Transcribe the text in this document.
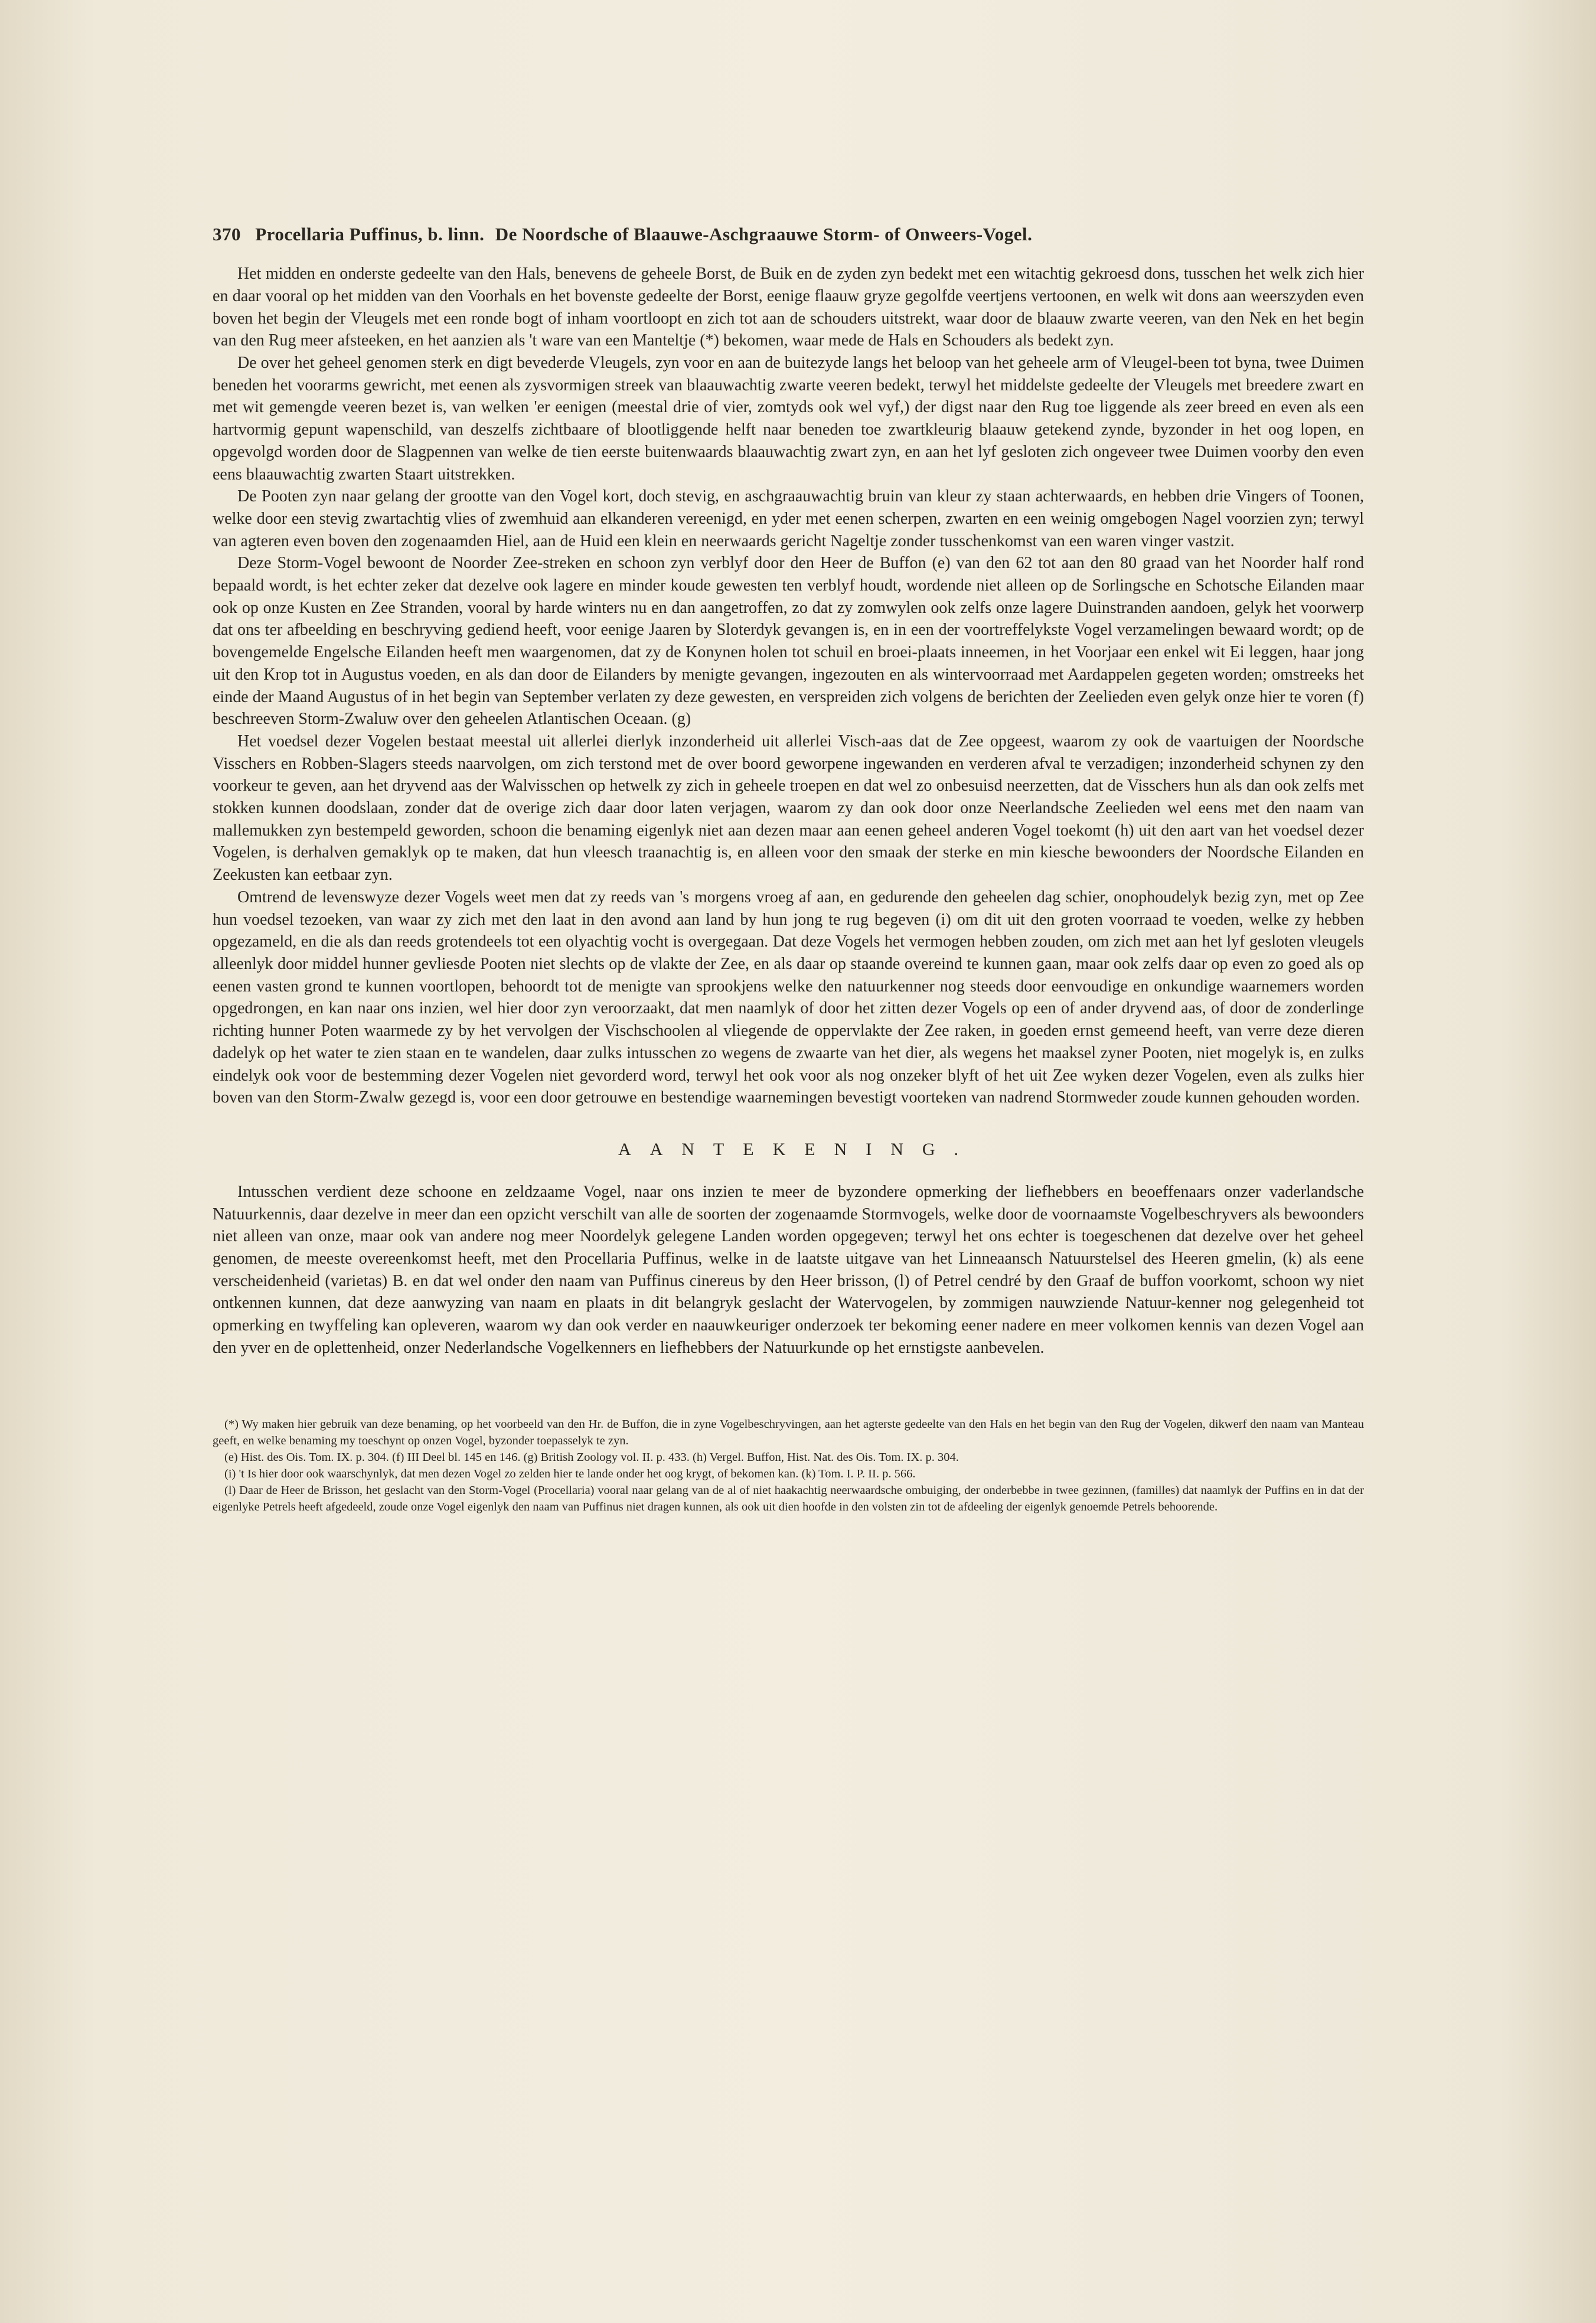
370 Procellaria Puffinus, b. linn. De Noordsche of Blaauwe-Aschgraauwe Storm- of Onweers-Vogel.

Het midden en onderste gedeelte van den Hals, benevens de geheele Borst, de Buik en de zyden zyn bedekt met een witachtig gekroesd dons, tusschen het welk zich hier en daar vooral op het midden van den Voorhals en het bovenste gedeelte der Borst, eenige flaauw gryze gegolfde veertjens vertoonen, en welk wit dons aan weerszyden even boven het begin der Vleugels met een ronde bogt of inham voortloopt en zich tot aan de schouders uitstrekt, waar door de blaauw zwarte veeren, van den Nek en het begin van den Rug meer afsteeken, en het aanzien als 't ware van een Manteltje (*) bekomen, waar mede de Hals en Schouders als bedekt zyn.

De over het geheel genomen sterk en digt bevederde Vleugels, zyn voor en aan de buitezyde langs het beloop van het geheele arm of Vleugel-been tot byna, twee Duimen beneden het voorarms gewricht, met eenen als zysvormigen streek van blaauwachtig zwarte veeren bedekt, terwyl het middelste gedeelte der Vleugels met breedere zwart en met wit gemengde veeren bezet is, van welken 'er eenigen (meestal drie of vier, zomtyds ook wel vyf,) der digst naar den Rug toe liggende als zeer breed en even als een hartvormig gepunt wapenschild, van deszelfs zichtbaare of blootliggende helft naar beneden toe zwartkleurig blaauw getekend zynde, byzonder in het oog lopen, en opgevolgd worden door de Slagpennen van welke de tien eerste buitenwaards blaauwachtig zwart zyn, en aan het lyf gesloten zich ongeveer twee Duimen voorby den even eens blaauwachtig zwarten Staart uitstrekken.

De Pooten zyn naar gelang der grootte van den Vogel kort, doch stevig, en aschgraauwachtig bruin van kleur zy staan achterwaards, en hebben drie Vingers of Toonen, welke door een stevig zwartachtig vlies of zwemhuid aan elkanderen vereenigd, en yder met eenen scherpen, zwarten en een weinig omgebogen Nagel voorzien zyn; terwyl van agteren even boven den zogenaamden Hiel, aan de Huid een klein en neerwaards gericht Nageltje zonder tusschenkomst van een waren vinger vastzit.

Deze Storm-Vogel bewoont de Noorder Zee-streken en schoon zyn verblyf door den Heer de Buffon (e) van den 62 tot aan den 80 graad van het Noorder half rond bepaald wordt, is het echter zeker dat dezelve ook lagere en minder koude gewesten ten verblyf houdt, wordende niet alleen op de Sorlingsche en Schotsche Eilanden maar ook op onze Kusten en Zee Stranden, vooral by harde winters nu en dan aangetroffen, zo dat zy zomwylen ook zelfs onze lagere Duinstranden aandoen, gelyk het voorwerp dat ons ter afbeelding en beschryving gediend heeft, voor eenige Jaaren by Sloterdyk gevangen is, en in een der voortreffelykste Vogel verzamelingen bewaard wordt; op de bovengemelde Engelsche Eilanden heeft men waargenomen, dat zy de Konynen holen tot schuil en broei-plaats inneemen, in het Voorjaar een enkel wit Ei leggen, haar jong uit den Krop tot in Augustus voeden, en als dan door de Eilanders by menigte gevangen, ingezouten en als wintervoorraad met Aardappelen gegeten worden; omstreeks het einde der Maand Augustus of in het begin van September verlaten zy deze gewesten, en verspreiden zich volgens de berichten der Zeelieden even gelyk onze hier te voren (f) beschreeven Storm-Zwaluw over den geheelen Atlantischen Oceaan. (g)

Het voedsel dezer Vogelen bestaat meestal uit allerlei dierlyk inzonderheid uit allerlei Visch-aas dat de Zee opgeest, waarom zy ook de vaartuigen der Noordsche Visschers en Robben-Slagers steeds naarvolgen, om zich terstond met de over boord geworpene ingewanden en verderen afval te verzadigen; inzonderheid schynen zy den voorkeur te geven, aan het dryvend aas der Walvisschen op hetwelk zy zich in geheele troepen en dat wel zo onbesuisd neerzetten, dat de Visschers hun als dan ook zelfs met stokken kunnen doodslaan, zonder dat de overige zich daar door laten verjagen, waarom zy dan ook door onze Neerlandsche Zeelieden wel eens met den naam van mallemukken zyn bestempeld geworden, schoon die benaming eigenlyk niet aan dezen maar aan eenen geheel anderen Vogel toekomt (h) uit den aart van het voedsel dezer Vogelen, is derhalven gemaklyk op te maken, dat hun vleesch traanachtig is, en alleen voor den smaak der sterke en min kiesche bewoonders der Noordsche Eilanden en Zeekusten kan eetbaar zyn.

Omtrend de levenswyze dezer Vogels weet men dat zy reeds van 's morgens vroeg af aan, en gedurende den geheelen dag schier, onophoudelyk bezig zyn, met op Zee hun voedsel tezoeken, van waar zy zich met den laat in den avond aan land by hun jong te rug begeven (i) om dit uit den groten voorraad te voeden, welke zy hebben opgezameld, en die als dan reeds grotendeels tot een olyachtig vocht is overgegaan. Dat deze Vogels het vermogen hebben zouden, om zich met aan het lyf gesloten vleugels alleenlyk door middel hunner gevliesde Pooten niet slechts op de vlakte der Zee, en als daar op staande overeind te kunnen gaan, maar ook zelfs daar op even zo goed als op eenen vasten grond te kunnen voortlopen, behoordt tot de menigte van sprookjens welke den natuurkenner nog steeds door eenvoudige en onkundige waarnemers worden opgedrongen, en kan naar ons inzien, wel hier door zyn veroorzaakt, dat men naamlyk of door het zitten dezer Vogels op een of ander dryvend aas, of door de zonderlinge richting hunner Poten waarmede zy by het vervolgen der Vischschoolen al vliegende de oppervlakte der Zee raken, in goeden ernst gemeend heeft, van verre deze dieren dadelyk op het water te zien staan en te wandelen, daar zulks intusschen zo wegens de zwaarte van het dier, als wegens het maaksel zyner Pooten, niet mogelyk is, en zulks eindelyk ook voor de bestemming dezer Vogelen niet gevorderd word, terwyl het ook voor als nog onzeker blyft of het uit Zee wyken dezer Vogelen, even als zulks hier boven van den Storm-Zwalw gezegd is, voor een door getrouwe en bestendige waarnemingen bevestigt voorteken van nadrend Stormweder zoude kunnen gehouden worden.

AANTEKENING.

Intusschen verdient deze schoone en zeldzaame Vogel, naar ons inzien te meer de byzondere opmerking der liefhebbers en beoeffenaars onzer vaderlandsche Natuurkennis, daar dezelve in meer dan een opzicht verschilt van alle de soorten der zogenaamde Stormvogels, welke door de voornaamste Vogelbeschryvers als bewoonders niet alleen van onze, maar ook van andere nog meer Noordelyk gelegene Landen worden opgegeven; terwyl het ons echter is toegeschenen dat dezelve over het geheel genomen, de meeste overeenkomst heeft, met den Procellaria Puffinus, welke in de laatste uitgave van het Linneaansch Natuurstelsel des Heeren gmelin, (k) als eene verscheidenheid (varietas) B. en dat wel onder den naam van Puffinus cinereus by den Heer brisson, (l) of Petrel cendré by den Graaf de buffon voorkomt, schoon wy niet ontkennen kunnen, dat deze aanwyzing van naam en plaats in dit belangryk geslacht der Watervogelen, by zommigen nauwziende Natuur-kenner nog gelegenheid tot opmerking en twyffeling kan opleveren, waarom wy dan ook verder en naauwkeuriger onderzoek ter bekoming eener nadere en meer volkomen kennis van dezen Vogel aan den yver en de oplettenheid, onzer Nederlandsche Vogelkenners en liefhebbers der Natuurkunde op het ernstigste aanbevelen.

(*) Wy maken hier gebruik van deze benaming, op het voorbeeld van den Hr. de Buffon, die in zyne Vogelbeschryvingen, aan het agterste gedeelte van den Hals en het begin van den Rug der Vogelen, dikwerf den naam van Manteau geeft, en welke benaming my toeschynt op onzen Vogel, byzonder toepasselyk te zyn.

(e) Hist. des Ois. Tom. IX. p. 304. (f) III Deel bl. 145 en 146. (g) British Zoology vol. II. p. 433. (h) Vergel. Buffon, Hist. Nat. des Ois. Tom. IX. p. 304.

(i) 't Is hier door ook waarschynlyk, dat men dezen Vogel zo zelden hier te lande onder het oog krygt, of bekomen kan. (k) Tom. I. P. II. p. 566.

(l) Daar de Heer de Brisson, het geslacht van den Storm-Vogel (Procellaria) vooral naar gelang van de al of niet haakachtig neerwaardsche ombuiging, der onderbebbe in twee gezinnen, (familles) dat naamlyk der Puffins en in dat der eigenlyke Petrels heeft afgedeeld, zoude onze Vogel eigenlyk den naam van Puffinus niet dragen kunnen, als ook uit dien hoofde in den volsten zin tot de afdeeling der eigenlyk genoemde Petrels behoorende.
